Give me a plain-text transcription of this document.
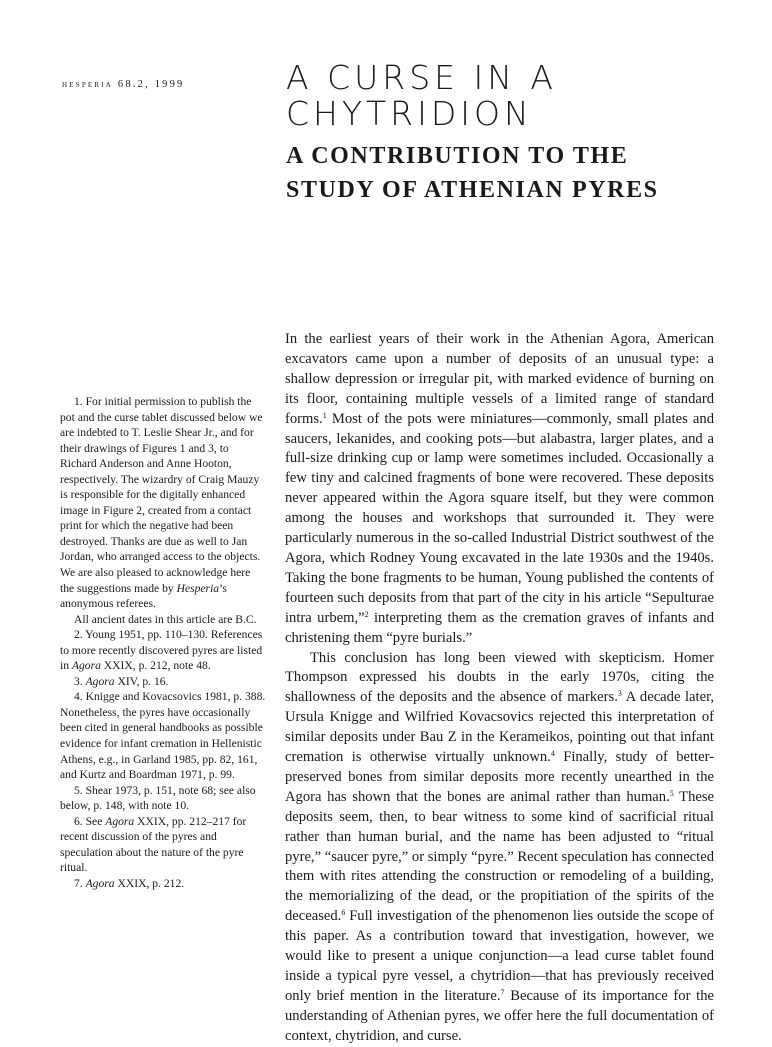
hesperia 68.2, 1999	A CURSE IN A
CHYTRIDION
A CONTRIBUTION TO THE
STUDY OF ATHENIAN PYRES

In the earliest years of their work in the Athenian Agora, American excavators came upon a number of deposits of an unusual type: a shallow depression or irregular pit, with marked evidence of burning on its floor, containing multiple vessels of a limited range of standard forms.$^1$ Most of the pots were miniatures—commonly, small plates and saucers, lekanides, and cooking pots—but alabastra, larger plates, and a full-size drinking cup or lamp were sometimes included. Occasionally a few tiny and calcined fragments of bone were recovered. These deposits never appeared within the Agora square itself, but they were common among the houses and workshops that surrounded it. They were particularly numerous in the so-called Industrial District southwest of the Agora, which Rodney Young excavated in the late 1930s and the 1940s. Taking the bone fragments to be human, Young published the contents of fourteen such deposits from that part of the city in his article “Sepulturae intra urbem,”$^2$ interpreting them as the cremation graves of infants and christening them “pyre burials.”

This conclusion has long been viewed with skepticism. Homer Thompson expressed his doubts in the early 1970s, citing the shallowness of the deposits and the absence of markers.$^3$ A decade later, Ursula Knigge and Wilfried Kovacsovics rejected this interpretation of similar deposits under Bau Z in the Kerameikos, pointing out that infant cremation is otherwise virtually unknown.$^4$ Finally, study of better-preserved bones from similar deposits more recently unearthed in the Agora has shown that the bones are animal rather than human.$^5$ These deposits seem, then, to bear witness to some kind of sacrificial ritual rather than human burial, and the name has been adjusted to “ritual pyre,” “saucer pyre,” or simply “pyre.” Recent speculation has connected them with rites attending the construction or remodeling of a building, the memorializing of the dead, or the propitiation of the spirits of the deceased.$^6$ Full investigation of the phenomenon lies outside the scope of this paper. As a contribution toward that investigation, however, we would like to present a unique conjunction—a lead curse tablet found inside a typical pyre vessel, a chytridion—that has previously received only brief mention in the literature.$^7$ Because of its importance for the understanding of Athenian pyres, we offer here the full documentation of context, chytridion, and curse.

1. For initial permission to publish the pot and the curse tablet discussed below we are indebted to T. Leslie Shear Jr., and for their drawings of Figures 1 and 3, to Richard Anderson and Anne Hooton, respectively. The wizardry of Craig Mauzy is responsible for the digitally enhanced image in Figure 2, created from a contact print for which the negative had been destroyed. Thanks are due as well to Jan Jordan, who arranged access to the objects. We are also pleased to acknowledge here the suggestions made by Hesperia’s anonymous referees.

All ancient dates in this article are B.C.

2. Young 1951, pp. 110–130. References to more recently discovered pyres are listed in Agora XXIX, p. 212, note 48.

3. Agora XIV, p. 16.

4. Knigge and Kovacsovics 1981, p. 388. Nonetheless, the pyres have occasionally been cited in general handbooks as possible evidence for infant cremation in Hellenistic Athens, e.g., in Garland 1985, pp. 82, 161, and Kurtz and Boardman 1971, p. 99.

5. Shear 1973, p. 151, note 68; see also below, p. 148, with note 10.

6. See Agora XXIX, pp. 212–217 for recent discussion of the pyres and speculation about the nature of the pyre ritual.

7. Agora XXIX, p. 212.
